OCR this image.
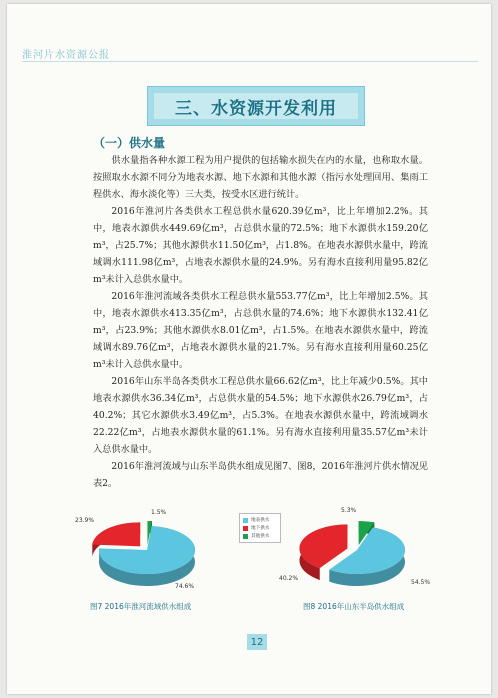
淮河片水资源公报
三、水资源开发利用
（一）供水量

供水量指各种水源工程为用户提供的包括输水损失在内的水量，也称取水量。按照取水水源不同分为地表水源、地下水源和其他水源（指污水处理回用、集雨工程供水、海水淡化等）三大类，按受水区进行统计。

2016年淮河片各类供水工程总供水量620.39亿m³，比上年增加2.2%。其中，地表水源供水449.69亿m³，占总供水量的72.5%；地下水源供水159.20亿m³，占25.7%；其他水源供水11.50亿m³，占1.8%。在地表水源供水量中，跨流域调水111.98亿m³，占地表水源供水量的24.9%。另有海水直接利用量95.82亿m³未计入总供水量中。

2016年淮河流域各类供水工程总供水量553.77亿m³，比上年增加2.5%。其中，地表水源供水413.35亿m³，占总供水量的74.6%；地下水源供水132.41亿m³，占23.9%；其他水源供水8.01亿m³，占1.5%。在地表水源供水量中，跨流域调水89.76亿m³，占地表水源供水量的21.7%。另有海水直接利用量60.25亿m³未计入总供水量中。

2016年山东半岛各类供水工程总供水量66.62亿m³，比上年减少0.5%。其中地表水源供水36.34亿m³，占总供水量的54.5%；地下水源供水26.79亿m³，占40.2%；其它水源供水3.49亿m³，占5.3%。在地表水源供水量中，跨流域调水22.22亿m³，占地表水源供水量的61.1%。另有海水直接利用量35.57亿m³未计入总供水量中。

2016年淮河流域与山东半岛供水组成见图7、图8，2016年淮河片供水情况见表2。

74.6%
23.9%
1.5%
54.5%
40.2%
5.3%
地表供水
地下供水
其他供水
图7 2016年淮河流域供水组成	图8 2016年山东半岛供水组成
12
